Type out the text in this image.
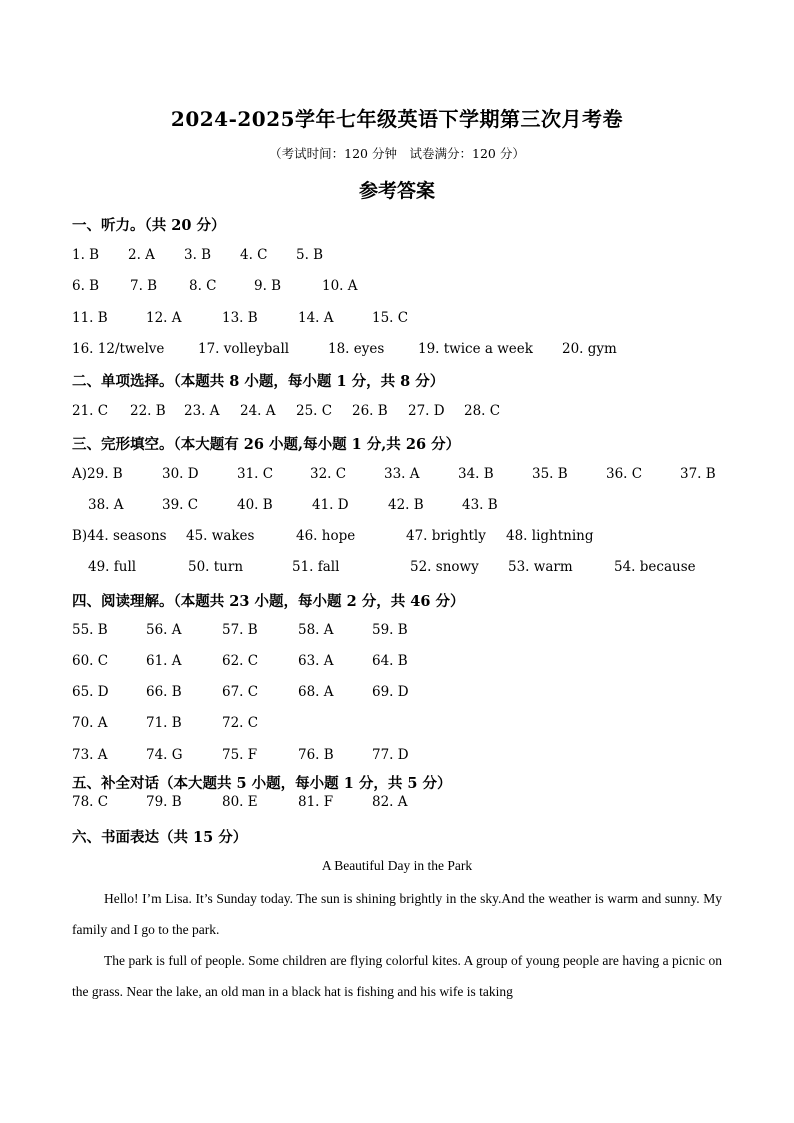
2024-2025学年七年级英语下学期第三次月考卷
（考试时间：120 分钟　试卷满分：120 分）
参考答案
一、听力。（共 20 分）
二、单项选择。（本题共 8 小题，每小题 1 分，共 8 分）
三、完形填空。（本大题有 26 小题,每小题 1 分,共 26 分）
四、阅读理解。（本题共 23 小题，每小题 2 分，共 46 分）
五、补全对话（本大题共 5 小题，每小题 1 分，共 5 分）
六、书面表达（共 15 分）
1. B 2. A 3. B 4. C 5. B
6. B 7. B 8. C	9. B	10. A
11. B	12. A	13. B	14. A	15. C
16. 12/twelve 17. volleyball	18. eyes 19. twice a week 20. gym
21. C 22. B 23. A 24. A 25. C 26. B 27. D 28. C
A)29. B	30. D	31. C	32. C	33. A	34. B	35. B	36. C	37. B
38. A	39. C	40. B	41. D	42. B	43. B
B)44. seasons 45. wakes	46. hope	47. brightly 48. lightning
49. full	50. turn	51. fall	52. snowy 53. warm	54. because
55. B	56. A	57. B	58. A	59. B
60. C	61. A	62. C	63. A	64. B
65. D	66. B	67. C	68. A	69. D
70. A	71. B	72. C
73. A	74. G	75. F	76. B	77. D
78. C	79. B	80. E	81. F	82. A
A Beautiful Day in the Park
Hello! I’m Lisa. It’s Sunday today. The sun is shining brightly in the sky.And the weather is warm and sunny. My family and I go to the park.
The park is full of people. Some children are flying colorful kites. A group of young people are having a picnic on the grass. Near the lake, an old man in a black hat is fishing and his wife is taking
